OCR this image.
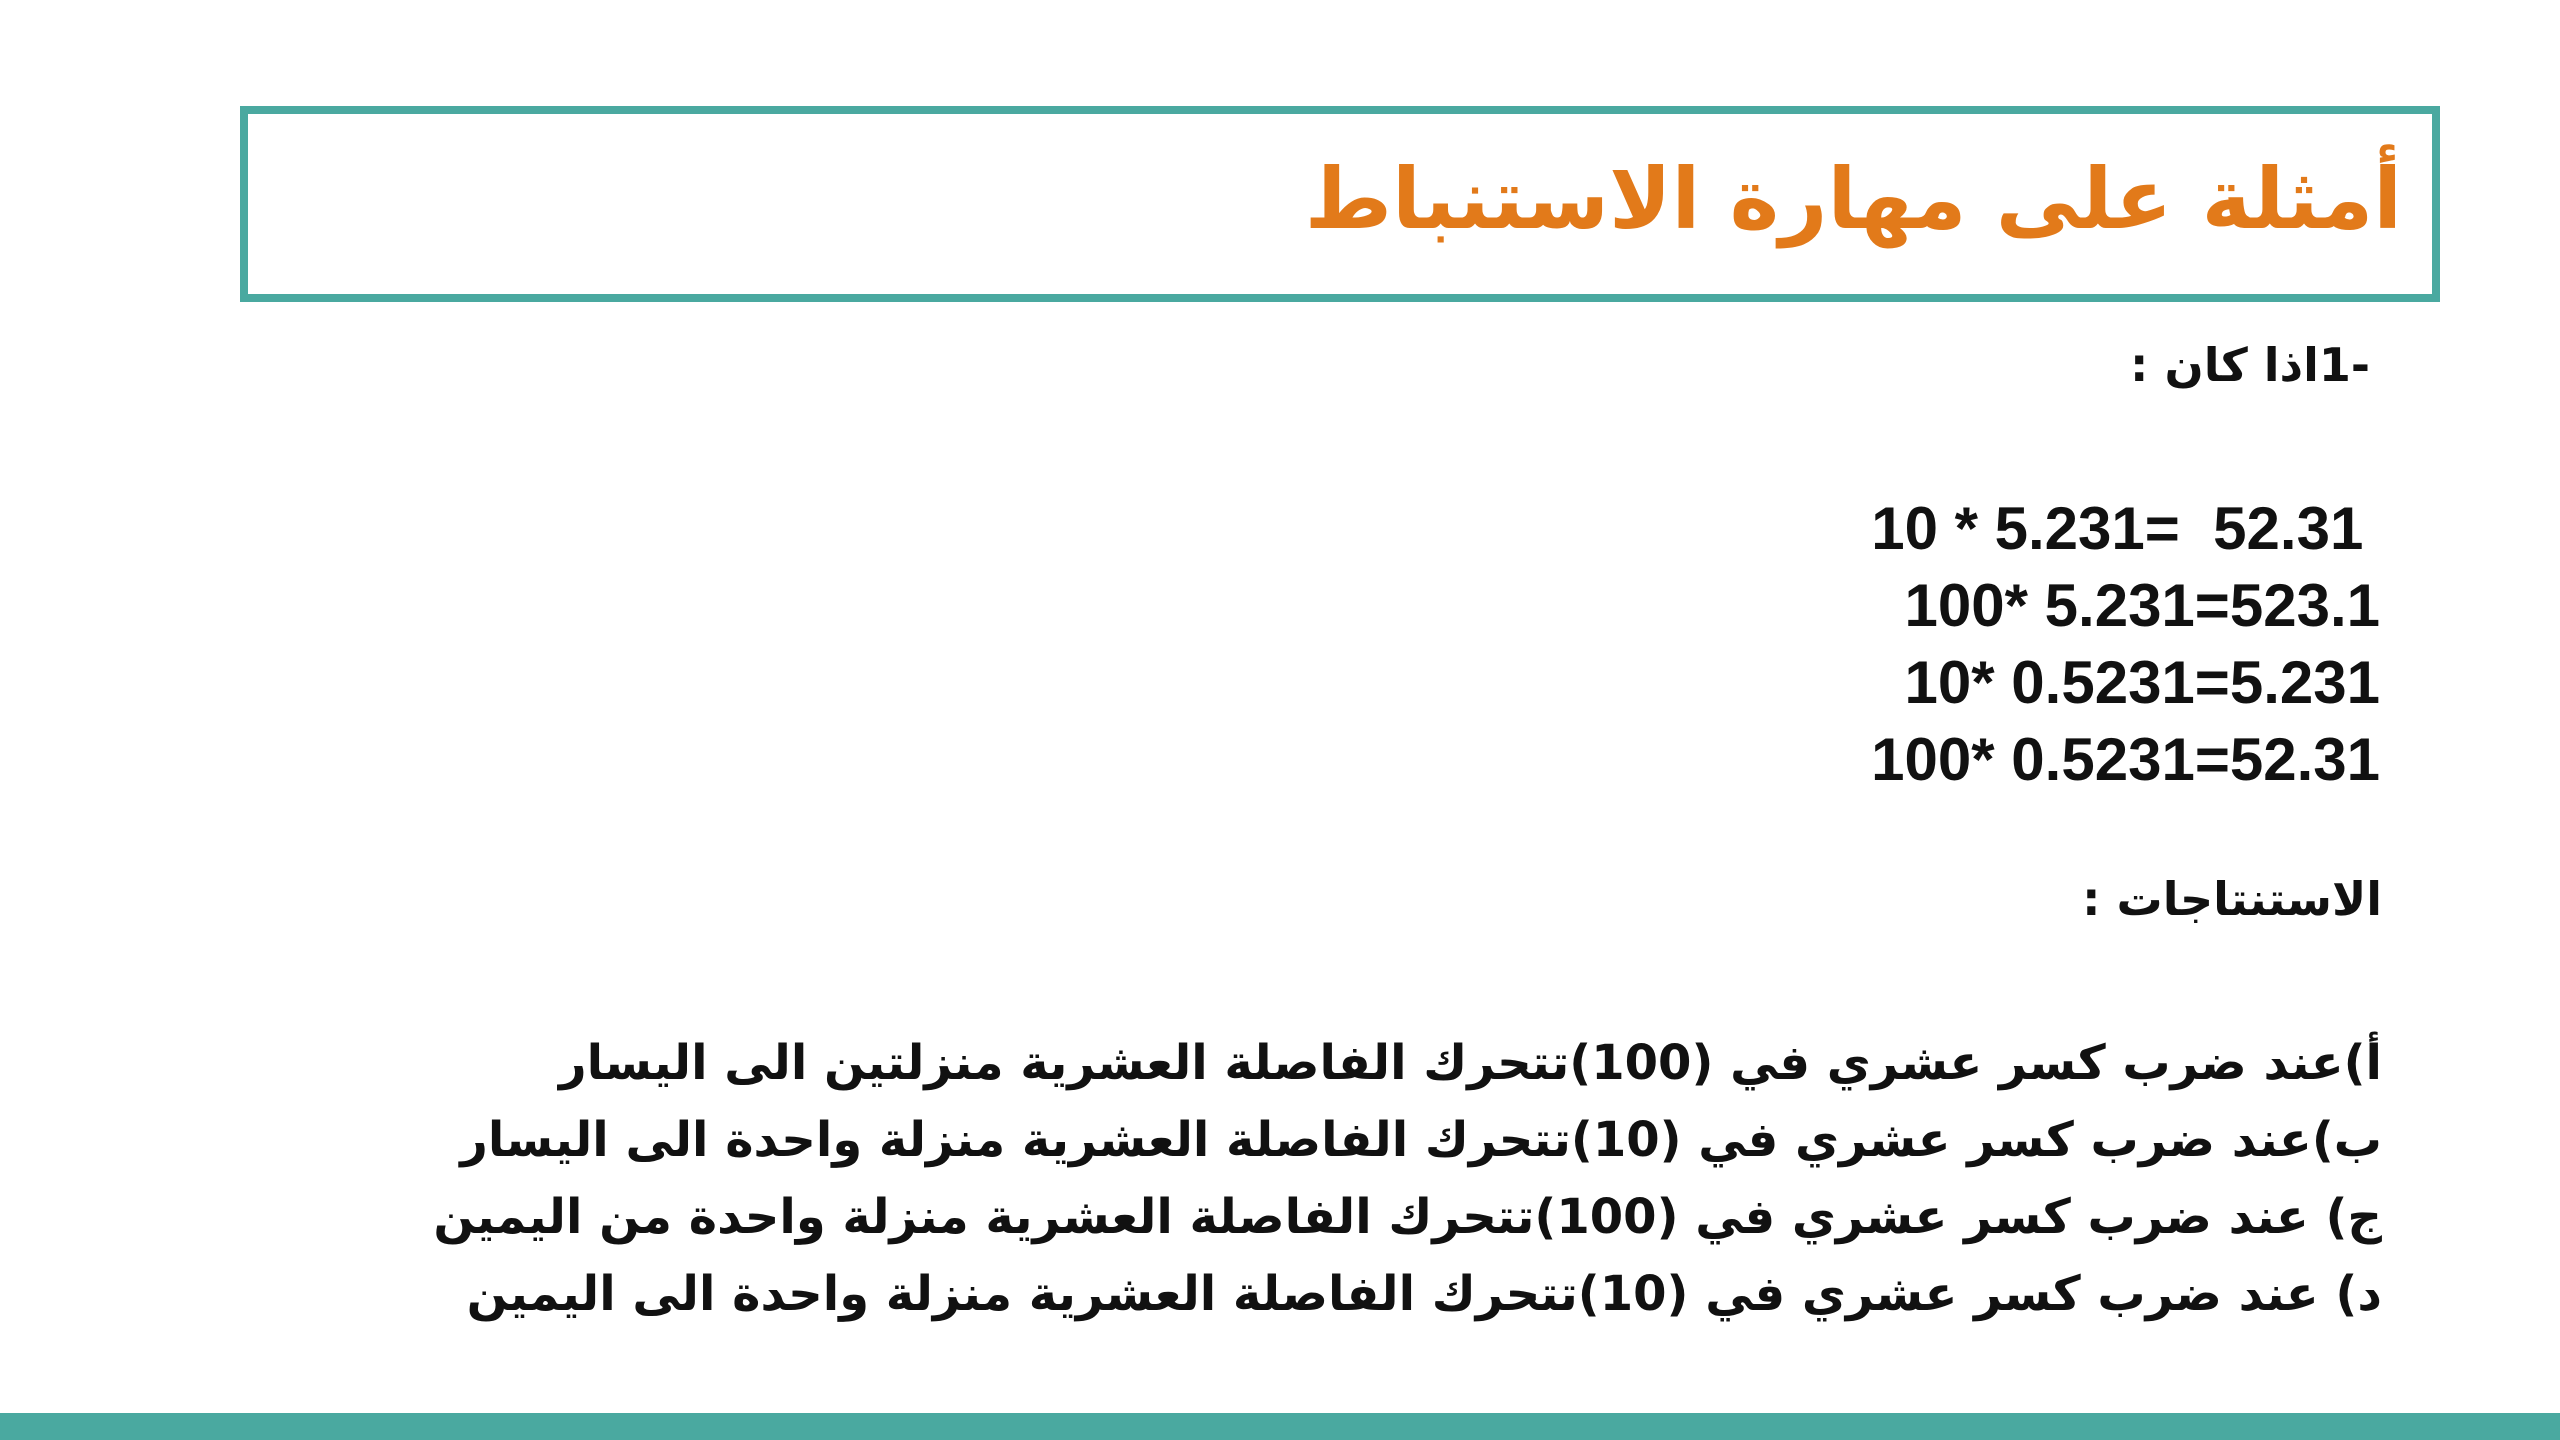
أمثلة على مهارة الاستنباط
-1اذا كان :
10 * 5.231=  52.31
100* 5.231=523.1
10* 0.5231=5.231
100* 0.5231=52.31
الاستنتاجات :
أ)عند ضرب كسر عشري في (100)تتحرك الفاصلة العشرية منزلتين الى اليسار
ب)عند ضرب كسر عشري في (10)تتحرك الفاصلة العشرية منزلة واحدة الى اليسار
ج) عند ضرب كسر عشري في (100)تتحرك الفاصلة العشرية منزلة واحدة من اليمين
د) عند ضرب كسر عشري في (10)تتحرك الفاصلة العشرية منزلة واحدة الى اليمين
